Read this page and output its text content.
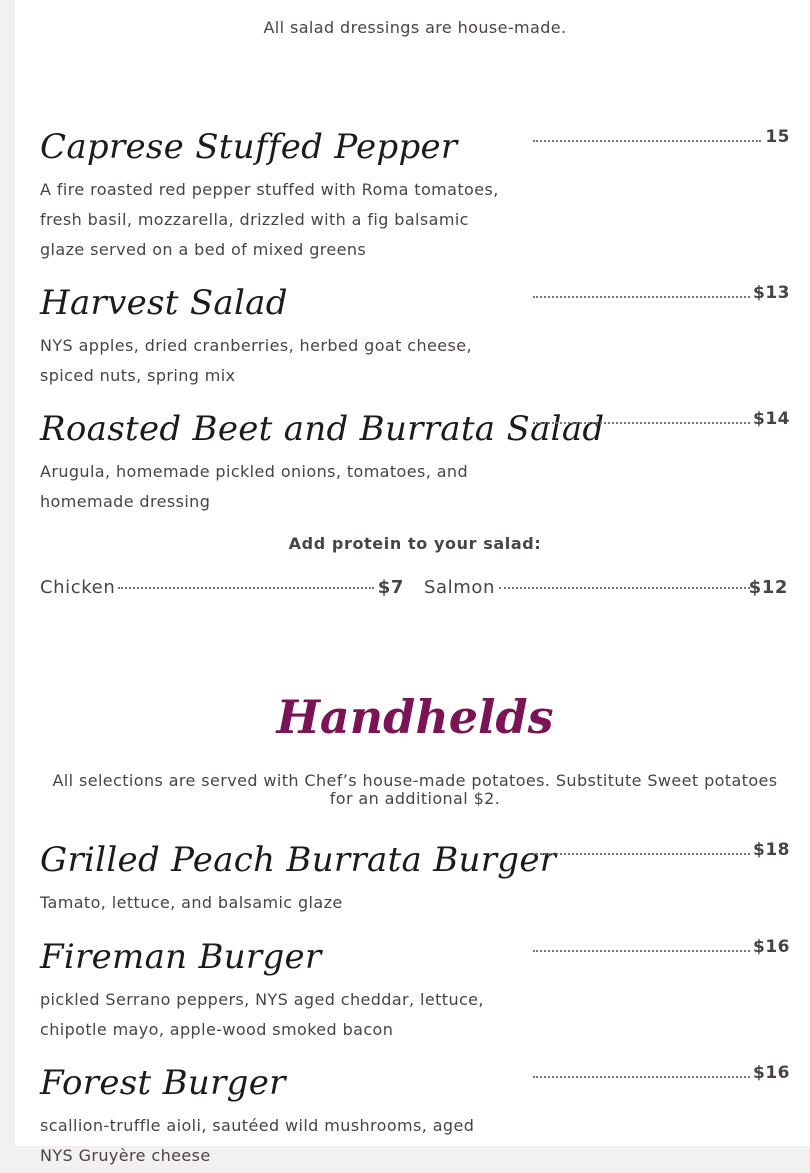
All salad dressings are house-made.
Caprese Stuffed Pepper
A fire roasted red pepper stuffed with Roma tomatoes, fresh basil, mozzarella, drizzled with a fig balsamic glaze served on a bed of mixed greens
15
Harvest Salad
NYS apples, dried cranberries, herbed goat cheese, spiced nuts, spring mix
$13
Roasted Beet and Burrata Salad
Arugula, homemade pickled onions, tomatoes, and homemade dressing
$14
Add protein to your salad:
Chicken	$7 Salmon	$12
Handhelds
All selections are served with Chef’s house-made potatoes. Substitute Sweet potatoes for an additional $2.
Grilled Peach Burrata Burger
Tamato, lettuce, and balsamic glaze
$18
Fireman Burger
pickled Serrano peppers, NYS aged cheddar, lettuce, chipotle mayo, apple-wood smoked bacon
$16
Forest Burger
scallion-truffle aioli, sautéed wild mushrooms, aged NYS Gruyère cheese
$16
